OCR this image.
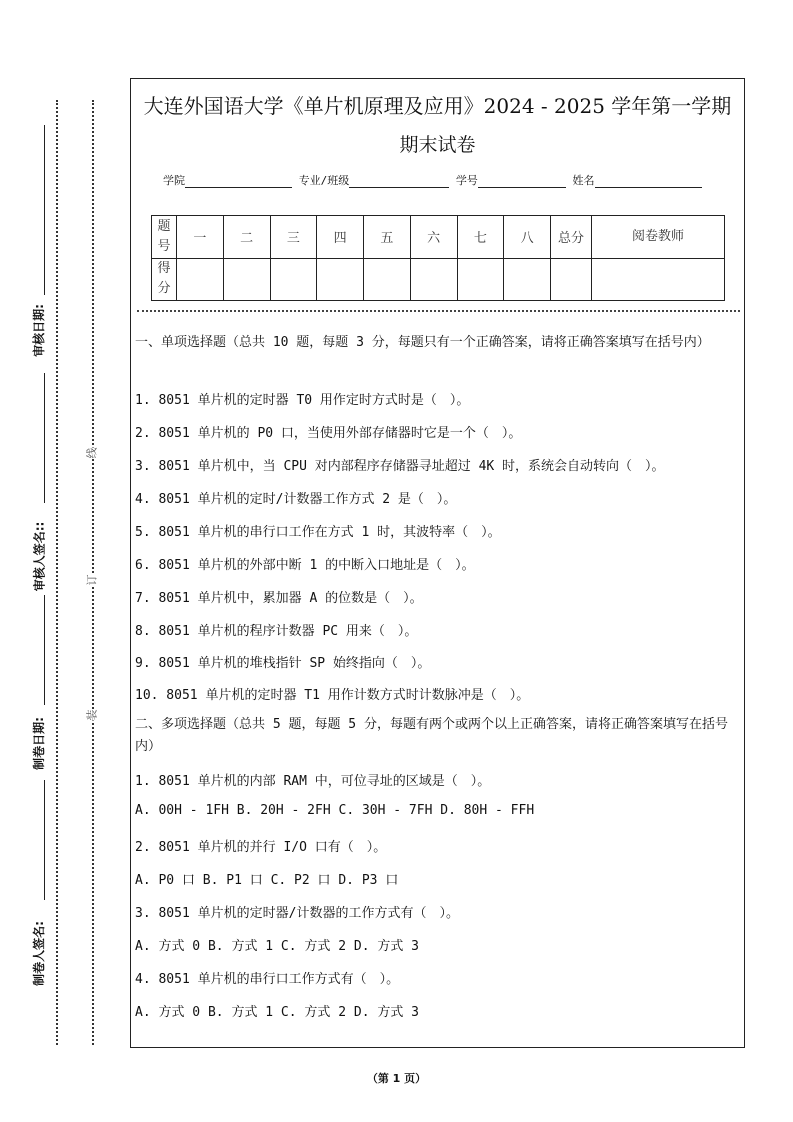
线
订
装
审核日期:
审核人签名::
制卷日期:
制卷人签名:
大连外国语大学《单片机原理及应用》2024 - 2025 学年第一学期
期末试卷
学院	专业/班级	学号	姓名
题号	一	二	三	四	五	六	七	八	总分	阅卷教师
得分										
一、单项选择题（总共 10 题，每题 3 分，每题只有一个正确答案，请将正确答案填写在括号内）
1. 8051 单片机的定时器 T0 用作定时方式时是（　）。
2. 8051 单片机的 P0 口，当使用外部存储器时它是一个（　）。
3. 8051 单片机中，当 CPU 对内部程序存储器寻址超过 4K 时，系统会自动转向（　）。
4. 8051 单片机的定时/计数器工作方式 2 是（　）。
5. 8051 单片机的串行口工作在方式 1 时，其波特率（　）。
6. 8051 单片机的外部中断 1 的中断入口地址是（　）。
7. 8051 单片机中，累加器 A 的位数是（　）。
8. 8051 单片机的程序计数器 PC 用来（　）。
9. 8051 单片机的堆栈指针 SP 始终指向（　）。
10. 8051 单片机的定时器 T1 用作计数方式时计数脉冲是（　）。
二、多项选择题（总共 5 题，每题 5 分，每题有两个或两个以上正确答案，请将正确答案填写在括号内）
1. 8051 单片机的内部 RAM 中，可位寻址的区域是（　）。
A. 00H - 1FH B. 20H - 2FH C. 30H - 7FH D. 80H - FFH
2. 8051 单片机的并行 I/O 口有（　）。
A. P0 口 B. P1 口 C. P2 口 D. P3 口
3. 8051 单片机的定时器/计数器的工作方式有（　）。
A. 方式 0 B. 方式 1 C. 方式 2 D. 方式 3
4. 8051 单片机的串行口工作方式有（　）。
A. 方式 0 B. 方式 1 C. 方式 2 D. 方式 3
（第 1 页）
